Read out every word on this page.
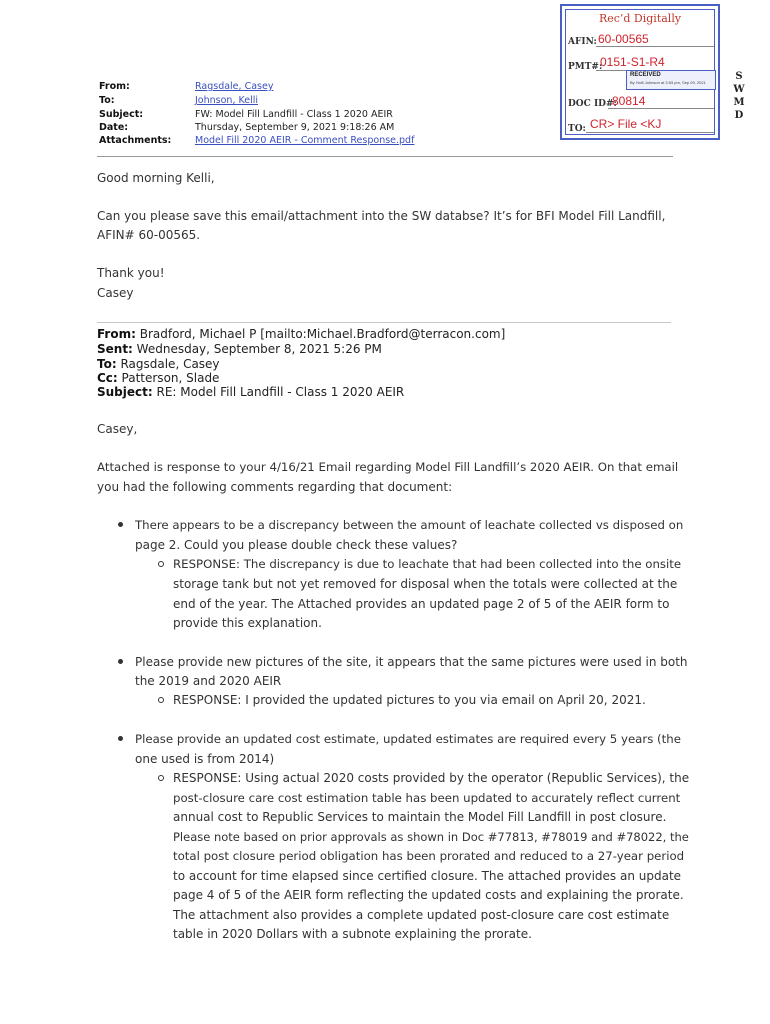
Rec’d Digitally
AFIN: 60-00565
PMT#:
0151-S1-R4
RECEIVED
By Holli Johnson at 3:53 pm, Sep 09, 2021
DOC ID#:
80814
TO: CR> File <KJ
S
W
M
D
From:	Ragsdale, Casey
To:	Johnson, Kelli
Subject:	FW: Model Fill Landfill - Class 1 2020 AEIR
Date:	Thursday, September 9, 2021 9:18:26 AM
Attachments: Model Fill 2020 AEIR - Comment Response.pdf
Good morning Kelli,
Can you please save this email/attachment into the SW databse? It’s for BFI Model Fill Landfill,
AFIN# 60-00565.
Thank you!
Casey
From: Bradford, Michael P [mailto:Michael.Bradford@terracon.com]
Sent: Wednesday, September 8, 2021 5:26 PM
To: Ragsdale, Casey
Cc: Patterson, Slade
Subject: RE: Model Fill Landfill - Class 1 2020 AEIR
Casey,
Attached is response to your 4/16/21 Email regarding Model Fill Landfill’s 2020 AEIR. On that email
you had the following comments regarding that document:
There appears to be a discrepancy between the amount of leachate collected vs disposed on
page 2. Could you please double check these values?
RESPONSE: The discrepancy is due to leachate that had been collected into the onsite
storage tank but not yet removed for disposal when the totals were collected at the
end of the year. The Attached provides an updated page 2 of 5 of the AEIR form to
provide this explanation.
Please provide new pictures of the site, it appears that the same pictures were used in both
the 2019 and 2020 AEIR
RESPONSE: I provided the updated pictures to you via email on April 20, 2021.
Please provide an updated cost estimate, updated estimates are required every 5 years (the
one used is from 2014)
RESPONSE: Using actual 2020 costs provided by the operator (Republic Services), the
post-closure care cost estimation table has been updated to accurately reflect current
annual cost to Republic Services to maintain the Model Fill Landfill in post closure.
Please note based on prior approvals as shown in Doc #77813, #78019 and #78022, the
total post closure period obligation has been prorated and reduced to a 27-year period
to account for time elapsed since certified closure. The attached provides an update
page 4 of 5 of the AEIR form reflecting the updated costs and explaining the prorate.
The attachment also provides a complete updated post-closure care cost estimate
table in 2020 Dollars with a subnote explaining the prorate.
